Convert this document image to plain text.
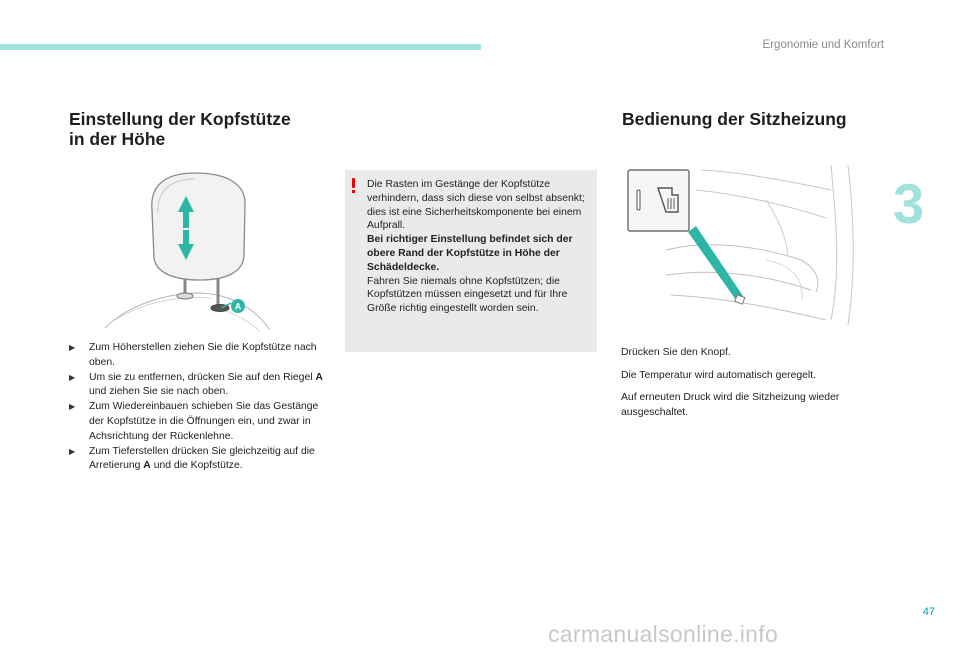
Ergonomie und Komfort
3
Einstellung der Kopfstütze
in der Höhe
A

Die Rasten im Gestänge der Kopfstütze verhindern, dass sich diese von selbst absenkt; dies ist eine Sicherheitskomponente bei einem Aufprall.

Bei richtiger Einstellung befindet sich der obere Rand der Kopfstütze in Höhe der Schädeldecke.

Fahren Sie niemals ohne Kopfstützen; die Kopfstützen müssen eingesetzt und für Ihre Größe richtig eingestellt worden sein.

▶ Zum Höherstellen ziehen Sie die Kopfstütze nach oben.
▶ Um sie zu entfernen, drücken Sie auf den Riegel A und ziehen Sie sie nach oben.
▶ Zum Wiedereinbauen schieben Sie das Gestänge der Kopfstütze in die Öffnungen ein, und zwar in Achsrichtung der Rückenlehne.
▶ Zum Tieferstellen drücken Sie gleichzeitig auf die Arretierung A und die Kopfstütze.
Bedienung der Sitzheizung

Drücken Sie den Knopf.

Die Temperatur wird automatisch geregelt.

Auf erneuten Druck wird die Sitzheizung wieder ausgeschaltet.

47
carmanualsonline.info
